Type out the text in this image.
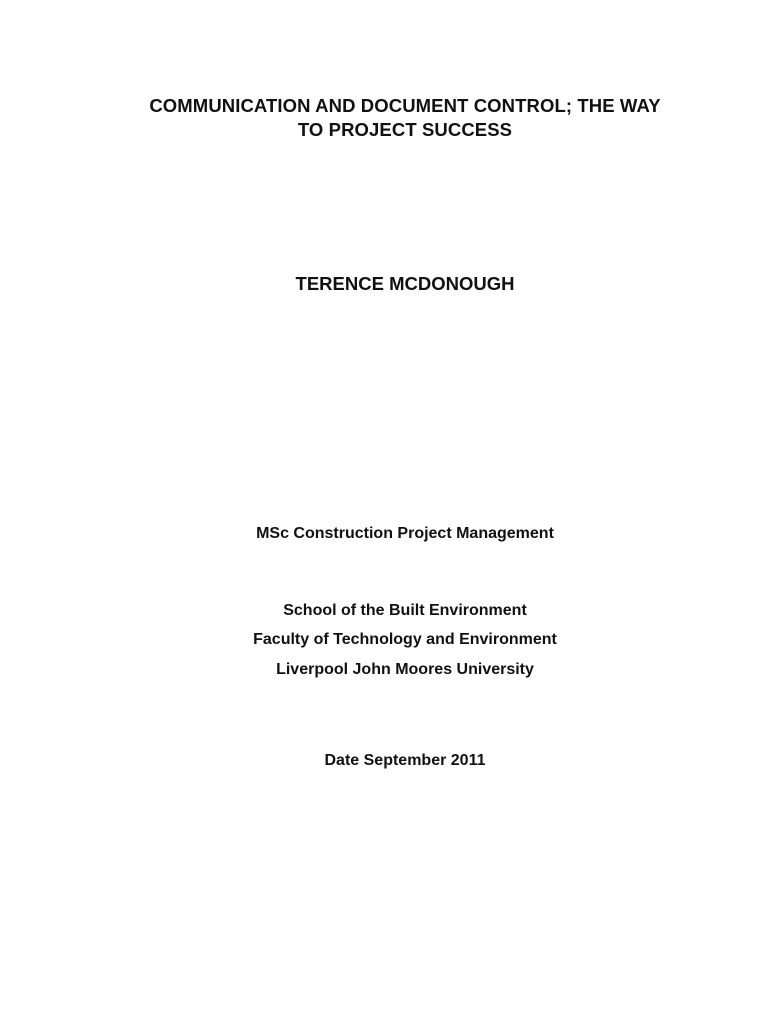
COMMUNICATION AND DOCUMENT CONTROL; THE WAY
TO PROJECT SUCCESS
TERENCE MCDONOUGH
MSc Construction Project Management
School of the Built Environment
Faculty of Technology and Environment
Liverpool John Moores University
Date September 2011
